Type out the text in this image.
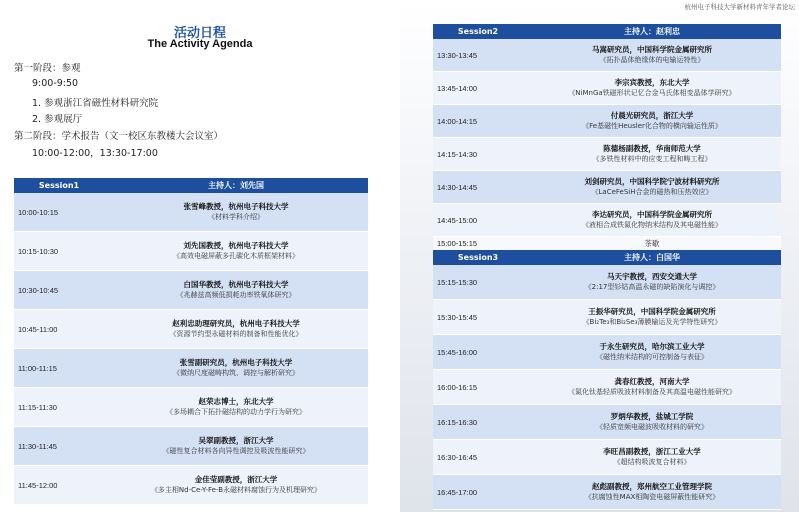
活动日程
The Activity Agenda
第一阶段：参观
9:00-9:50
1. 参观浙江省磁性材料研究院
2. 参观展厅
第二阶段：学术报告（文一校区东教楼大会议室）
10:00-12:00，13:30-17:00
Session1	主持人：刘先国
10:00-10:15
张雪峰教授，杭州电子科技大学
《材料学科介绍》
10:15-10:30
刘先国教授，杭州电子科技大学
《高效电磁屏蔽多孔碳化木质框架材料》
10:30-10:45
白国华教授，杭州电子科技大学
《兆赫兹高频低损耗功率铁氧体研究》
10:45-11:00
赵利忠助理研究员，杭州电子科技大学
《资源节约型永磁材料的制备和性能优化》
11:00-11:15
张雪副研究员，杭州电子科技大学
《微纳尺度磁畴构筑、调控与解析研究》
11:15-11:30
赵荣志博士，东北大学
《多场耦合下拓扑磁结构的动力学行为研究》
11:30-11:45
吴翠副教授，浙江大学
《磁性复合材料各向异性调控及吸波性能研究》
11:45-12:00
金佳莹副教授，浙江大学
《多主相Nd-Ce-Y-Fe-B永磁材料腐蚀行为及机理研究》
杭州电子科技大学新材料青年学者论坛
Session2	主持人：赵利忠
13:30-13:45
马嵩研究员，中国科学院金属研究所
《拓扑晶体绝缘体的电输运特性》
13:45-14:00
李宗宾教授，东北大学
《NiMnGa铁磁形状记忆合金马氏体相变晶体学研究》
14:00-14:15
付晨光研究员，浙江大学
《Fe基磁性Heusler化合物的横向输运性质》
14:15-14:30
陈德杨副教授，华南师范大学
《多铁性材料中的应变工程和畴工程》
14:30-14:45
刘剑研究员，中国科学院宁波材料研究所
《LaCeFeSiH合金的磁热和压热效应》
14:45-15:00
李达研究员，中国科学院金属研究所
《液相合成铁氮化物纳米结构及其电磁性能》
15:00-15:15	茶歇
Session3	主持人：白国华
15:15-15:30
马天宇教授，西安交通大学
《2:17型钐钴高温永磁的缺陷演化与调控》
15:30-15:45
王振华研究员，中国科学院金属研究所
《Bi₂Te₃和Bi₂Se₃薄膜输运及光学特性研究》
15:45-16:00
于永生研究员，哈尔滨工业大学
《磁性纳米结构的可控制备与表征》
16:00-16:15
龚春红教授，河南大学
《氮化钛基轻质吸波材料制备及其高温电磁性能研究》
16:15-16:30
罗炳华教授，盐城工学院
《轻质宽频电磁波吸收材料的研究》
16:30-16:45
李旺昌副教授，浙江工业大学
《超结构吸波复合材料》
16:45-17:00
赵彪副教授，郑州航空工业管理学院
《抗腐蚀性MAX相陶瓷电磁屏蔽性能研究》
